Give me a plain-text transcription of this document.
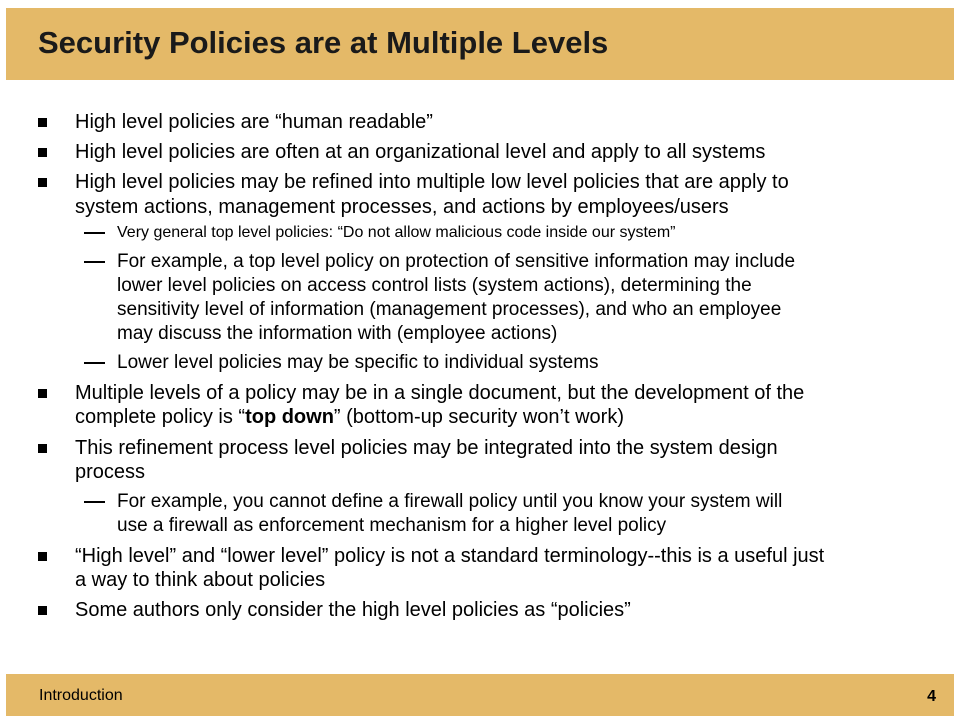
Security Policies are at Multiple Levels
High level policies are “human readable”
High level policies are often at an organizational level and apply to all systems
High level policies may be refined into multiple low level policies that are apply to
system actions, management processes, and actions by employees/users
Very general top level policies: “Do not allow malicious code inside our system”
For example, a top level policy on protection of sensitive information may include
lower level policies on access control lists (system actions), determining the
sensitivity level of information (management processes), and who an employee
may discuss the information with (employee actions)
Lower level policies may be specific to individual systems
Multiple levels of a policy may be in a single document, but the development of the
complete policy is “top down” (bottom-up security won’t work)
This refinement process level policies may be integrated into the system design
process
For example, you cannot define a firewall policy until you know your system will
use a firewall as enforcement mechanism for a higher level policy
“High level” and “lower level” policy is not a standard terminology--this is a useful just
a way to think about policies
Some authors only consider the high level policies as “policies”
Introduction	4
